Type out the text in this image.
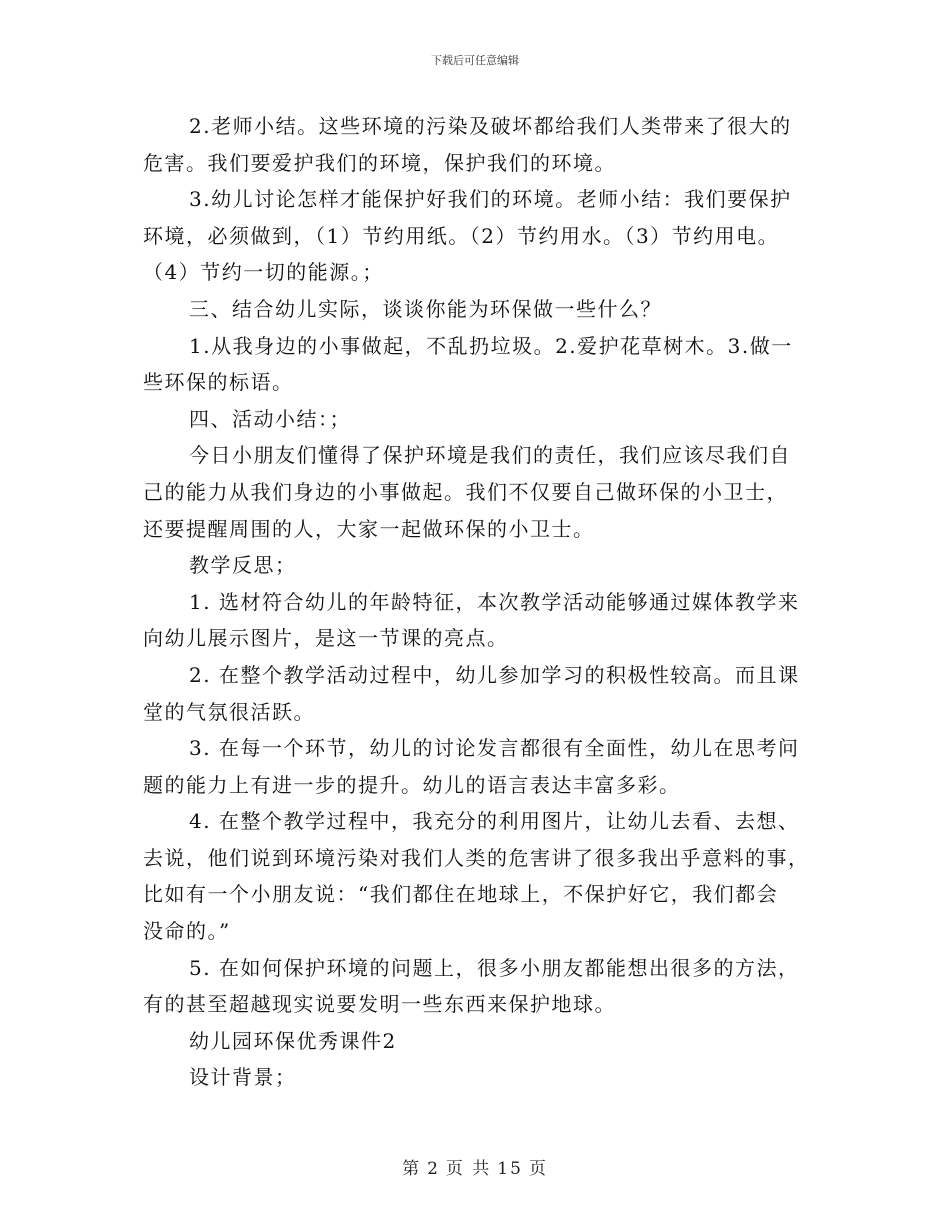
下载后可任意编辑
2.老师小结。这些环境的污染及破坏都给我们人类带来了很大的
危害。我们要爱护我们的环境，保护我们的环境。
3.幼儿讨论怎样才能保护好我们的环境。老师小结：我们要保护
环境，必须做到，（1）节约用纸。（2）节约用水。（3）节约用电。
（4）节约一切的能源。；
三、结合幼儿实际，谈谈你能为环保做一些什么？
1.从我身边的小事做起，不乱扔垃圾。2.爱护花草树木。3.做一
些环保的标语。
四、活动小结：；
今日小朋友们懂得了保护环境是我们的责任，我们应该尽我们自
己的能力从我们身边的小事做起。我们不仅要自己做环保的小卫士，
还要提醒周围的人，大家一起做环保的小卫士。
教学反思；
1. 选材符合幼儿的年龄特征，本次教学活动能够通过媒体教学来
向幼儿展示图片，是这一节课的亮点。
2. 在整个教学活动过程中，幼儿参加学习的积极性较高。而且课
堂的气氛很活跃。
3. 在每一个环节，幼儿的讨论发言都很有全面性，幼儿在思考问
题的能力上有进一步的提升。幼儿的语言表达丰富多彩。
4. 在整个教学过程中，我充分的利用图片，让幼儿去看、去想、
去说，他们说到环境污染对我们人类的危害讲了很多我出乎意料的事，
比如有一个小朋友说：“我们都住在地球上，不保护好它，我们都会
没命的。”
5. 在如何保护环境的问题上，很多小朋友都能想出很多的方法，
有的甚至超越现实说要发明一些东西来保护地球。
幼儿园环保优秀课件2
设计背景；
第 2 页 共 15 页
